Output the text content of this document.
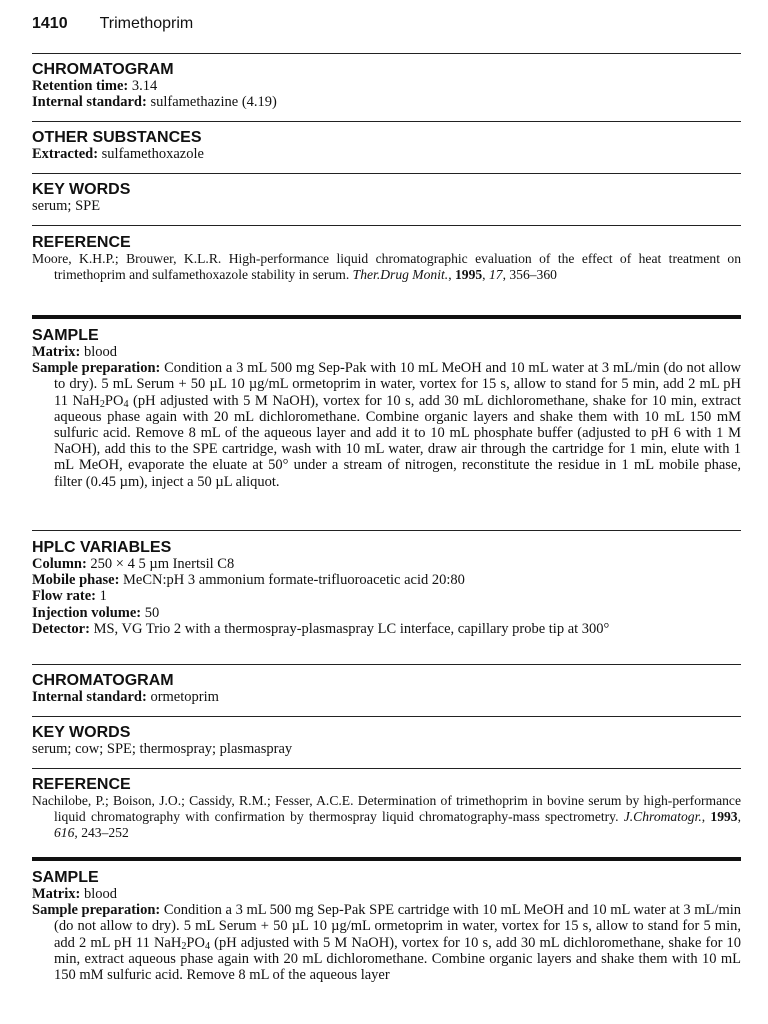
1410 Trimethoprim
CHROMATOGRAM

Retention time: 3.14

Internal standard: sulfamethazine (4.19)

OTHER SUBSTANCES

Extracted: sulfamethoxazole

KEY WORDS

serum; SPE

REFERENCE

Moore, K.H.P.; Brouwer, K.L.R. High-performance liquid chromatographic evaluation of the effect of heat treatment on trimethoprim and sulfamethoxazole stability in serum. Ther.Drug Monit., 1995, 17, 356–360

SAMPLE

Matrix: blood

Sample preparation: Condition a 3 mL 500 mg Sep-Pak with 10 mL MeOH and 10 mL water at 3 mL/min (do not allow to dry). 5 mL Serum + 50 µL 10 µg/mL ormetoprim in water, vortex for 15 s, allow to stand for 5 min, add 2 mL pH 11 $NaH_2PO_4$ (pH adjusted with 5 M NaOH), vortex for 10 s, add 30 mL dichloromethane, shake for 10 min, extract aqueous phase again with 20 mL dichloromethane. Combine organic layers and shake them with 10 mL 150 mM sulfuric acid. Remove 8 mL of the aqueous layer and add it to 10 mL phosphate buffer (adjusted to pH 6 with 1 M NaOH), add this to the SPE cartridge, wash with 10 mL water, draw air through the cartridge for 1 min, elute with 1 mL MeOH, evaporate the eluate at 50° under a stream of nitrogen, reconstitute the residue in 1 mL mobile phase, filter (0.45 µm), inject a 50 µL aliquot.

HPLC VARIABLES

Column: 250 × 4 5 µm Inertsil C8

Mobile phase: MeCN:pH 3 ammonium formate-trifluoroacetic acid 20:80

Flow rate: 1

Injection volume: 50

Detector: MS, VG Trio 2 with a thermospray-plasmaspray LC interface, capillary probe tip at 300°

CHROMATOGRAM

Internal standard: ormetoprim

KEY WORDS

serum; cow; SPE; thermospray; plasmaspray

REFERENCE

Nachilobe, P.; Boison, J.O.; Cassidy, R.M.; Fesser, A.C.E. Determination of trimethoprim in bovine serum by high-performance liquid chromatography with confirmation by thermospray liquid chromatography-mass spectrometry. J.Chromatogr., 1993, 616, 243–252

SAMPLE

Matrix: blood

Sample preparation: Condition a 3 mL 500 mg Sep-Pak SPE cartridge with 10 mL MeOH and 10 mL water at 3 mL/min (do not allow to dry). 5 mL Serum + 50 µL 10 µg/mL ormetoprim in water, vortex for 15 s, allow to stand for 5 min, add 2 mL pH 11 $NaH_2PO_4$ (pH adjusted with 5 M NaOH), vortex for 10 s, add 30 mL dichloromethane, shake for 10 min, extract aqueous phase again with 20 mL dichloromethane. Combine organic layers and shake them with 10 mL 150 mM sulfuric acid. Remove 8 mL of the aqueous layer
